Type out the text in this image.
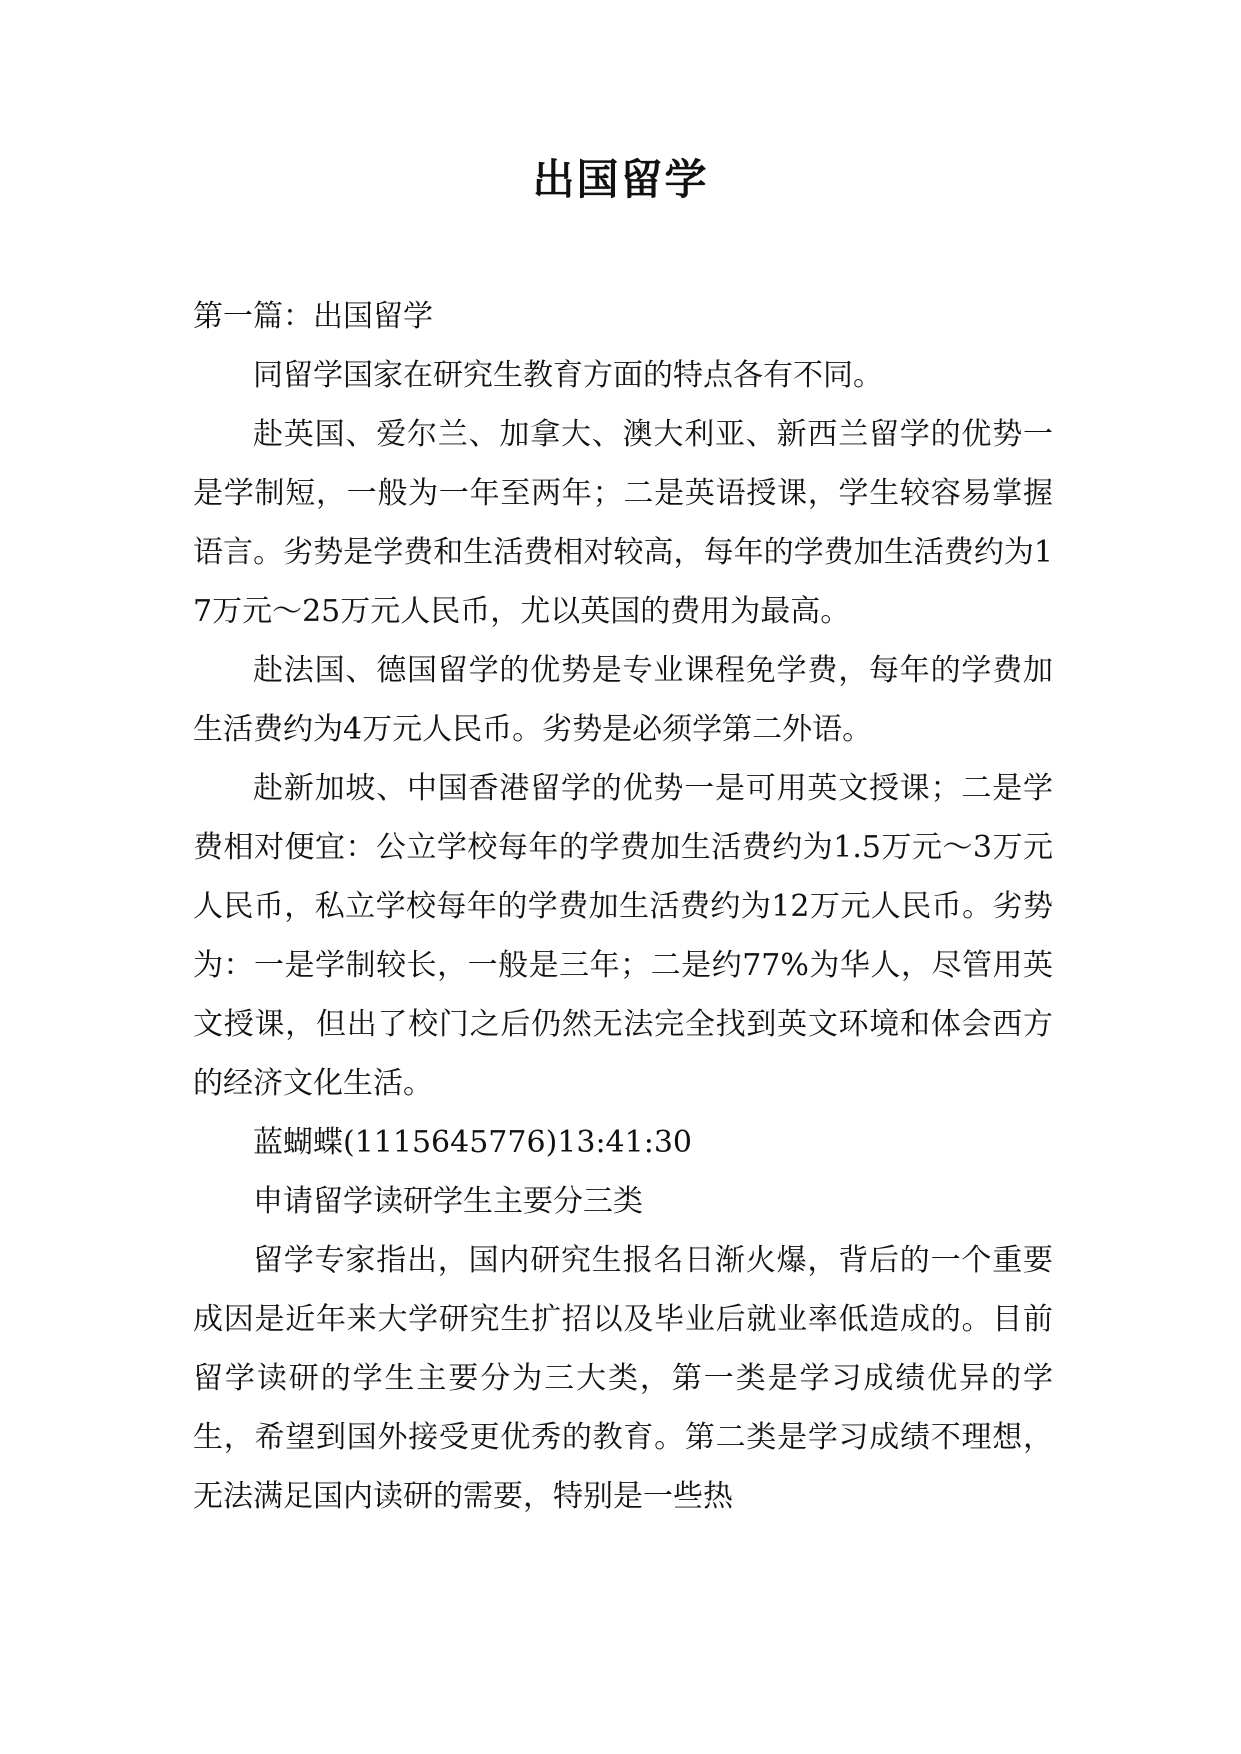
出国留学

第一篇：出国留学

同留学国家在研究生教育方面的特点各有不同。

赴英国、爱尔兰、加拿大、澳大利亚、新西兰留学的优势一是学制短，一般为一年至两年；二是英语授课，学生较容易掌握语言。劣势是学费和生活费相对较高，每年的学费加生活费约为17万元～25万元人民币，尤以英国的费用为最高。

赴法国、德国留学的优势是专业课程免学费，每年的学费加生活费约为4万元人民币。劣势是必须学第二外语。

赴新加坡、中国香港留学的优势一是可用英文授课；二是学费相对便宜：公立学校每年的学费加生活费约为1.5万元～3万元人民币，私立学校每年的学费加生活费约为12万元人民币。劣势为：一是学制较长，一般是三年；二是约77%为华人，尽管用英文授课，但出了校门之后仍然无法完全找到英文环境和体会西方的经济文化生活。

蓝蝴蝶(1115645776)13:41:30

申请留学读研学生主要分三类

留学专家指出，国内研究生报名日渐火爆，背后的一个重要成因是近年来大学研究生扩招以及毕业后就业率低造成的。目前留学读研的学生主要分为三大类，第一类是学习成绩优异的学生，希望到国外接受更优秀的教育。第二类是学习成绩不理想，无法满足国内读研的需要，特别是一些热
